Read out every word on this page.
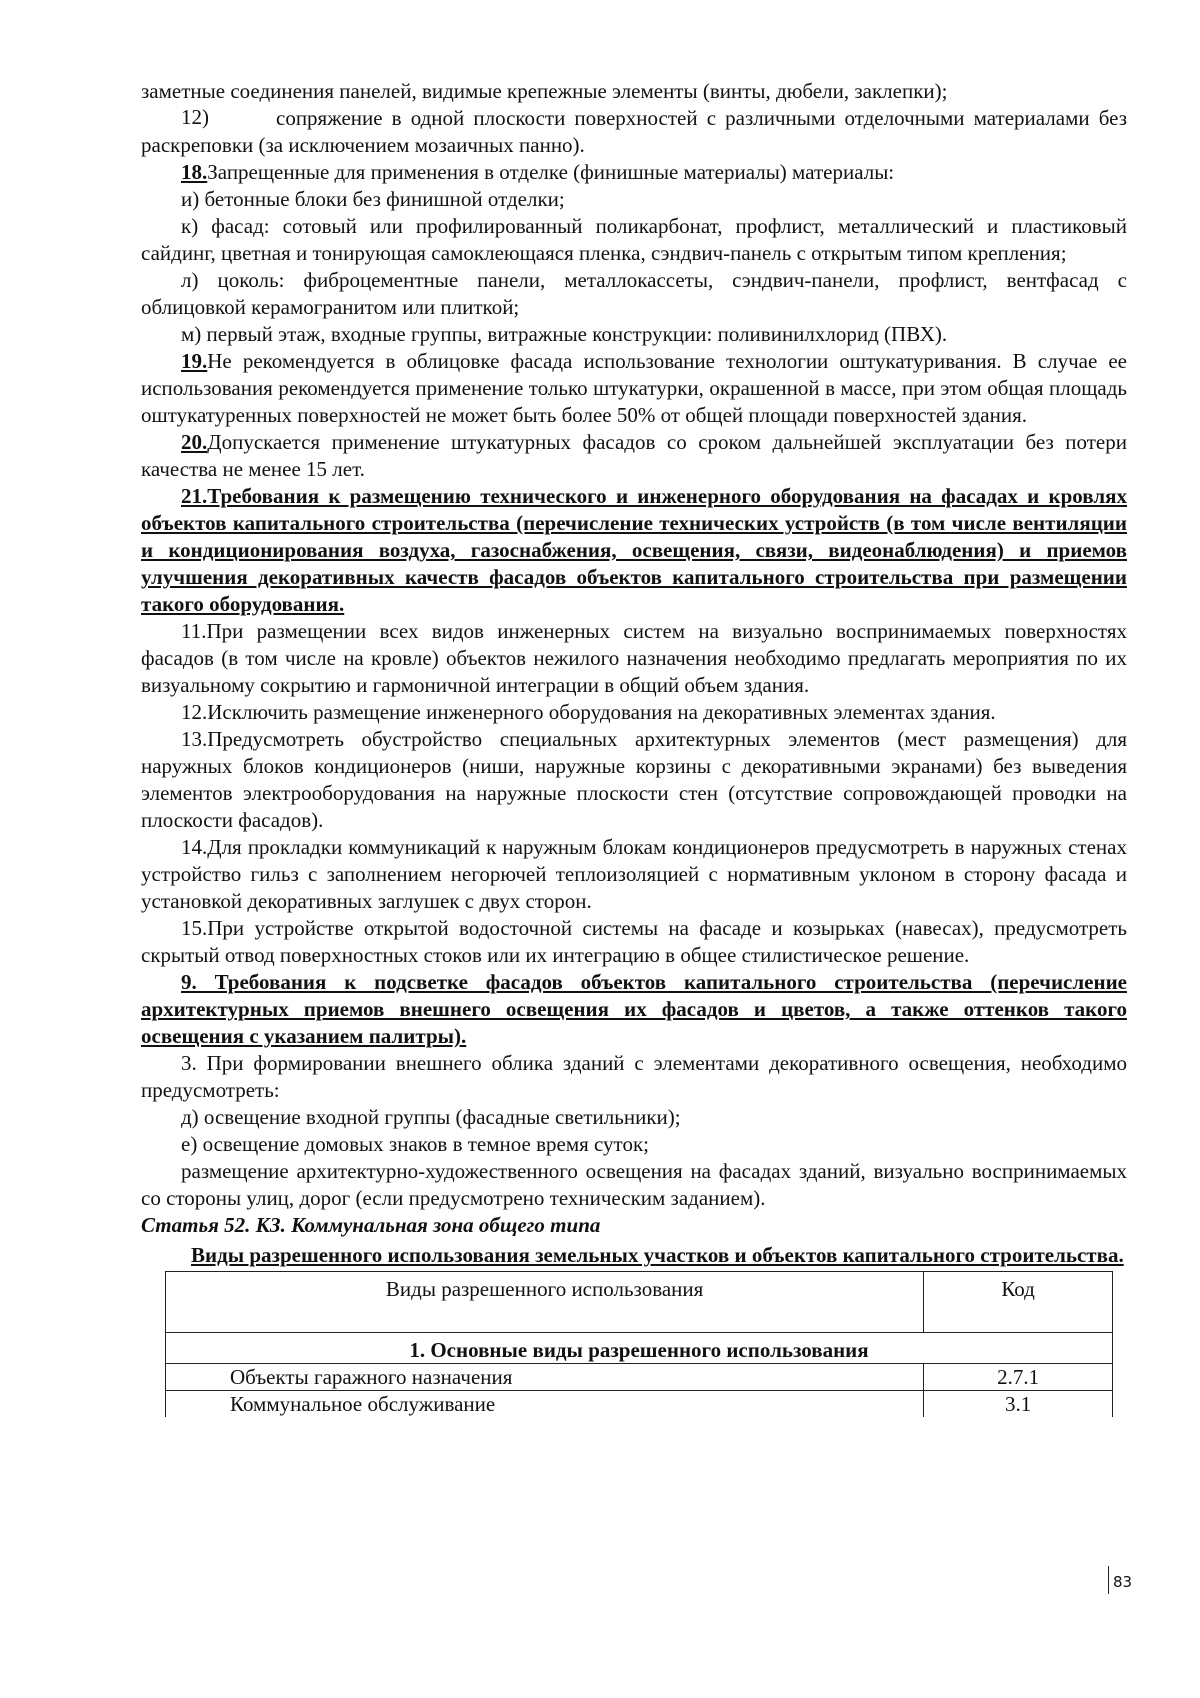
заметные соединения панелей, видимые крепежные элементы (винты, дюбели, заклепки);

12)
	сопряжение в одной плоскости поверхностей с различными отделочными материалами без раскреповки (за исключением мозаичных панно).

18.Запрещенные для применения в отделке (финишные материалы) материалы:

и) бетонные блоки без финишной отделки;

к) фасад: сотовый или профилированный поликарбонат, профлист, металлический и пластиковый сайдинг, цветная и тонирующая самоклеющаяся пленка, сэндвич-панель с открытым типом крепления;

л) цоколь: фиброцементные панели, металлокассеты, сэндвич-панели, профлист, вентфасад с облицовкой керамогранитом или плиткой;

м) первый этаж, входные группы, витражные конструкции: поливинилхлорид (ПВХ).

19.Не рекомендуется в облицовке фасада использование технологии оштукатуривания. В случае ее использования рекомендуется применение только штукатурки, окрашенной в массе, при этом общая площадь оштукатуренных поверхностей не может быть более 50% от общей площади поверхностей здания.

20.Допускается применение штукатурных фасадов со сроком дальнейшей эксплуатации без потери качества не менее 15 лет.

21.Требования к размещению технического и инженерного оборудования на фасадах и кровлях объектов капитального строительства (перечисление технических устройств (в том числе вентиляции и кондиционирования воздуха, газоснабжения, освещения, связи, видеонаблюдения) и приемов улучшения декоративных качеств фасадов объектов капитального строительства при размещении такого оборудования.

11.При размещении всех видов инженерных систем на визуально воспринимаемых поверхностях фасадов (в том числе на кровле) объектов нежилого назначения необходимо предлагать мероприятия по их визуальному сокрытию и гармоничной интеграции в общий объем здания.

12.Исключить размещение инженерного оборудования на декоративных элементах здания.

13.Предусмотреть обустройство специальных архитектурных элементов (мест размещения) для наружных блоков кондиционеров (ниши, наружные корзины с декоративными экранами) без выведения элементов электрооборудования на наружные плоскости стен (отсутствие сопровождающей проводки на плоскости фасадов).

14.Для прокладки коммуникаций к наружным блокам кондиционеров предусмотреть в наружных стенах устройство гильз с заполнением негорючей теплоизоляцией с нормативным уклоном в сторону фасада и установкой декоративных заглушек с двух сторон.

15.При устройстве открытой водосточной системы на фасаде и козырьках (навесах), предусмотреть скрытый отвод поверхностных стоков или их интеграцию в общее стилистическое решение.

9. Требования к подсветке фасадов объектов капитального строительства (перечисление архитектурных приемов внешнего освещения их фасадов и цветов, а также оттенков такого освещения с указанием палитры).

3. При формировании внешнего облика зданий с элементами декоративного освещения, необходимо предусмотреть:

д) освещение входной группы (фасадные светильники);

е) освещение домовых знаков в темное время суток;

размещение архитектурно-художественного освещения на фасадах зданий, визуально воспринимаемых со стороны улиц, дорог (если предусмотрено техническим заданием).

Статья 52. КЗ. Коммунальная зона общего типа

Виды разрешенного использования земельных участков и объектов капитального строительства.

Виды разрешенного использования	Код
1. Основные виды разрешенного использования	
Объекты гаражного назначения	2.7.1
Коммунальное обслуживание	3.1
83
